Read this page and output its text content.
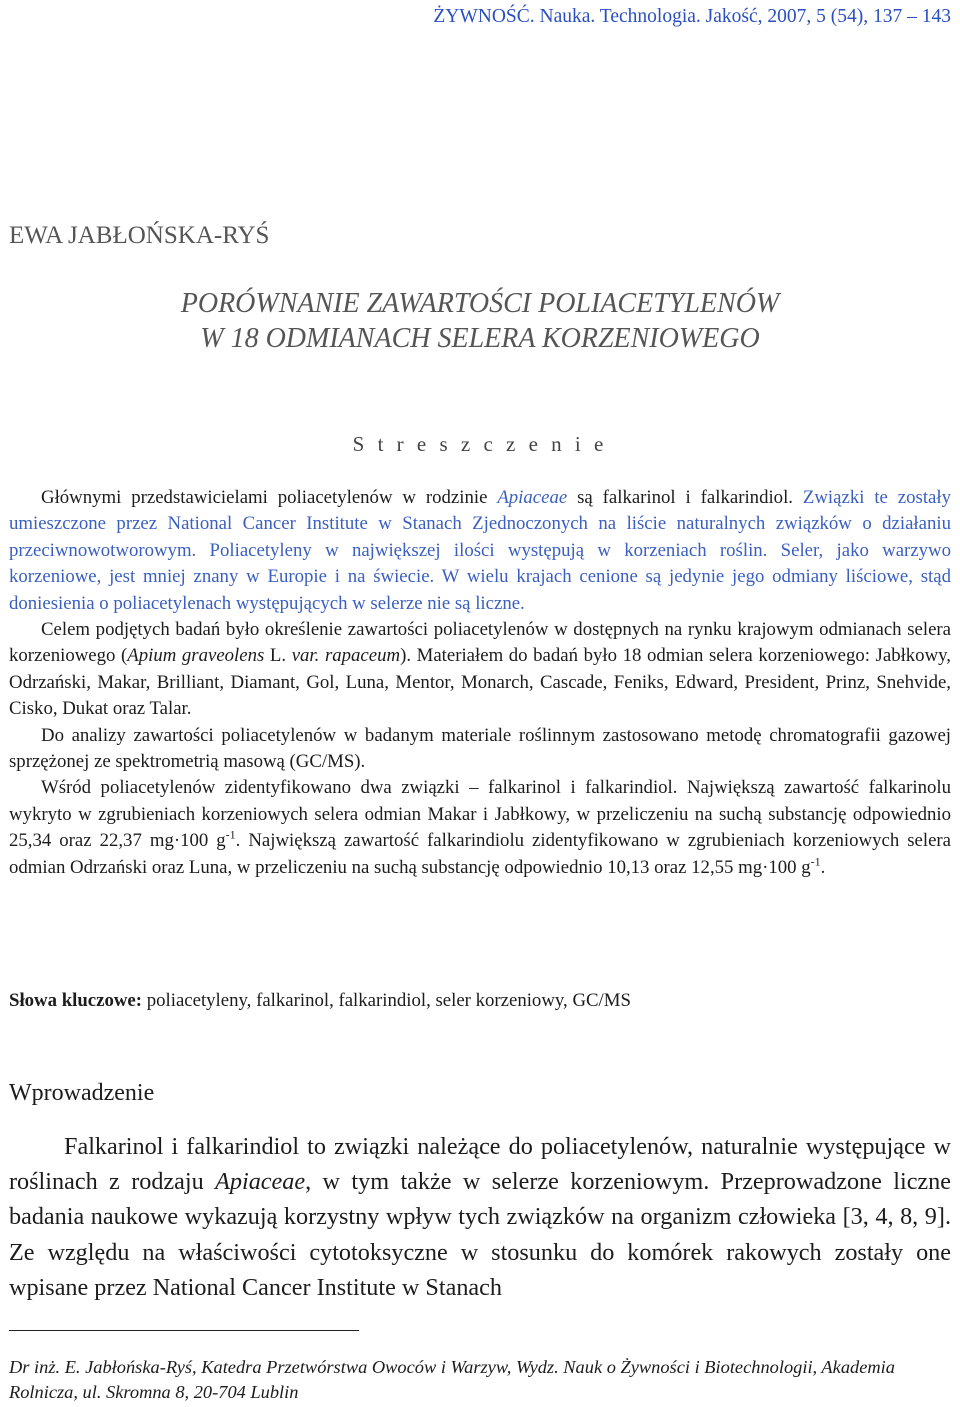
ŻYWNOŚĆ. Nauka. Technologia. Jakość, 2007, 5 (54), 137 – 143
EWA JABŁOŃSKA-RYŚ
PORÓWNANIE ZAWARTOŚCI POLIACETYLENÓW
W 18 ODMIANACH SELERA KORZENIOWEGO
S t r e s z c z e n i e

Głównymi przedstawicielami poliacetylenów w rodzinie Apiaceae są falkarinol i falkarindiol. Związki te zostały umieszczone przez National Cancer Institute w Stanach Zjednoczonych na liście naturalnych związków o działaniu przeciwnowotworowym. Poliacetyleny w największej ilości występują w korzeniach roślin. Seler, jako warzywo korzeniowe, jest mniej znany w Europie i na świecie. W wielu krajach cenione są jedynie jego odmiany liściowe, stąd doniesienia o poliacetylenach występujących w selerze nie są liczne.

Celem podjętych badań było określenie zawartości poliacetylenów w dostępnych na rynku krajowym odmianach selera korzeniowego (Apium graveolens L. var. rapaceum). Materiałem do badań było 18 odmian selera korzeniowego: Jabłkowy, Odrzański, Makar, Brilliant, Diamant, Gol, Luna, Mentor, Monarch, Cascade, Feniks, Edward, President, Prinz, Snehvide, Cisko, Dukat oraz Talar.

Do analizy zawartości poliacetylenów w badanym materiale roślinnym zastosowano metodę chromatografii gazowej sprzężonej ze spektrometrią masową (GC/MS).

Wśród poliacetylenów zidentyfikowano dwa związki – falkarinol i falkarindiol. Największą zawartość falkarinolu wykryto w zgrubieniach korzeniowych selera odmian Makar i Jabłkowy, w przeliczeniu na suchą substancję odpowiednio 25,34 oraz 22,37 mg·100 $g^{-1}$. Największą zawartość falkarindiolu zidentyfikowano w zgrubieniach korzeniowych selera odmian Odrzański oraz Luna, w przeliczeniu na suchą substancję odpowiednio 10,13 oraz 12,55 mg·100 $g^{-1}$.

Słowa kluczowe: poliacetyleny, falkarinol, falkarindiol, seler korzeniowy, GC/MS
Wprowadzenie

Falkarinol i falkarindiol to związki należące do poliacetylenów, naturalnie występujące w roślinach z rodzaju Apiaceae, w tym także w selerze korzeniowym. Przeprowadzone liczne badania naukowe wykazują korzystny wpływ tych związków na organizm człowieka [3, 4, 8, 9]. Ze względu na właściwości cytotoksyczne w stosunku do komórek rakowych zostały one wpisane przez National Cancer Institute w Stanach

Dr inż. E. Jabłońska-Ryś, Katedra Przetwórstwa Owoców i Warzyw, Wydz. Nauk o Żywności i Biotechnologii, Akademia Rolnicza, ul. Skromna 8, 20-704 Lublin
